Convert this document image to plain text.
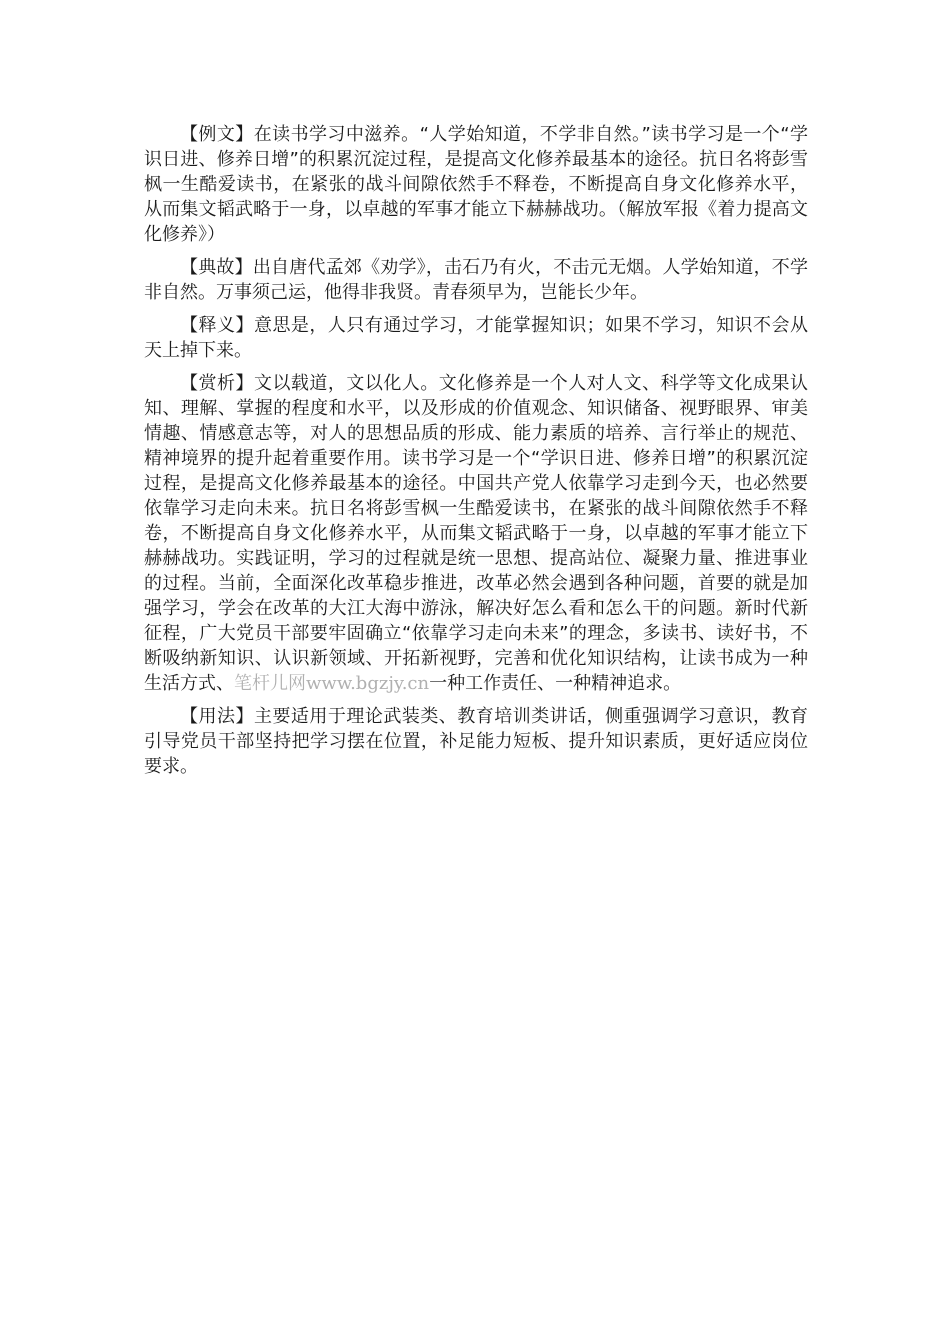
【例文】在读书学习中滋养。“人学始知道，不学非自然。”读书学习是一个“学识日进、修养日增”的积累沉淀过程，是提高文化修养最基本的途径。抗日名将彭雪枫一生酷爱读书，在紧张的战斗间隙依然手不释卷，不断提高自身文化修养水平，从而集文韬武略于一身，以卓越的军事才能立下赫赫战功。（解放军报《着力提高文化修养》）

【典故】出自唐代孟郊《劝学》，击石乃有火，不击元无烟。人学始知道，不学非自然。万事须己运，他得非我贤。青春须早为，岂能长少年。

【释义】意思是，人只有通过学习，才能掌握知识；如果不学习，知识不会从天上掉下来。

【赏析】文以载道，文以化人。文化修养是一个人对人文、科学等文化成果认知、理解、掌握的程度和水平，以及形成的价值观念、知识储备、视野眼界、审美情趣、情感意志等，对人的思想品质的形成、能力素质的培养、言行举止的规范、精神境界的提升起着重要作用。读书学习是一个“学识日进、修养日增”的积累沉淀过程，是提高文化修养最基本的途径。中国共产党人依靠学习走到今天，也必然要依靠学习走向未来。抗日名将彭雪枫一生酷爱读书，在紧张的战斗间隙依然手不释卷，不断提高自身文化修养水平，从而集文韬武略于一身，以卓越的军事才能立下赫赫战功。实践证明，学习的过程就是统一思想、提高站位、凝聚力量、推进事业的过程。当前，全面深化改革稳步推进，改革必然会遇到各种问题，首要的就是加强学习，学会在改革的大江大海中游泳，解决好怎么看和怎么干的问题。新时代新征程，广大党员干部要牢固确立“依靠学习走向未来”的理念，多读书、读好书，不断吸纳新知识、认识新领域、开拓新视野，完善和优化知识结构，让读书成为一种生活方式、笔杆儿网www.bgzjy.cn一种工作责任、一种精神追求。

【用法】主要适用于理论武装类、教育培训类讲话，侧重强调学习意识，教育引导党员干部坚持把学习摆在位置，补足能力短板、提升知识素质，更好适应岗位要求。
